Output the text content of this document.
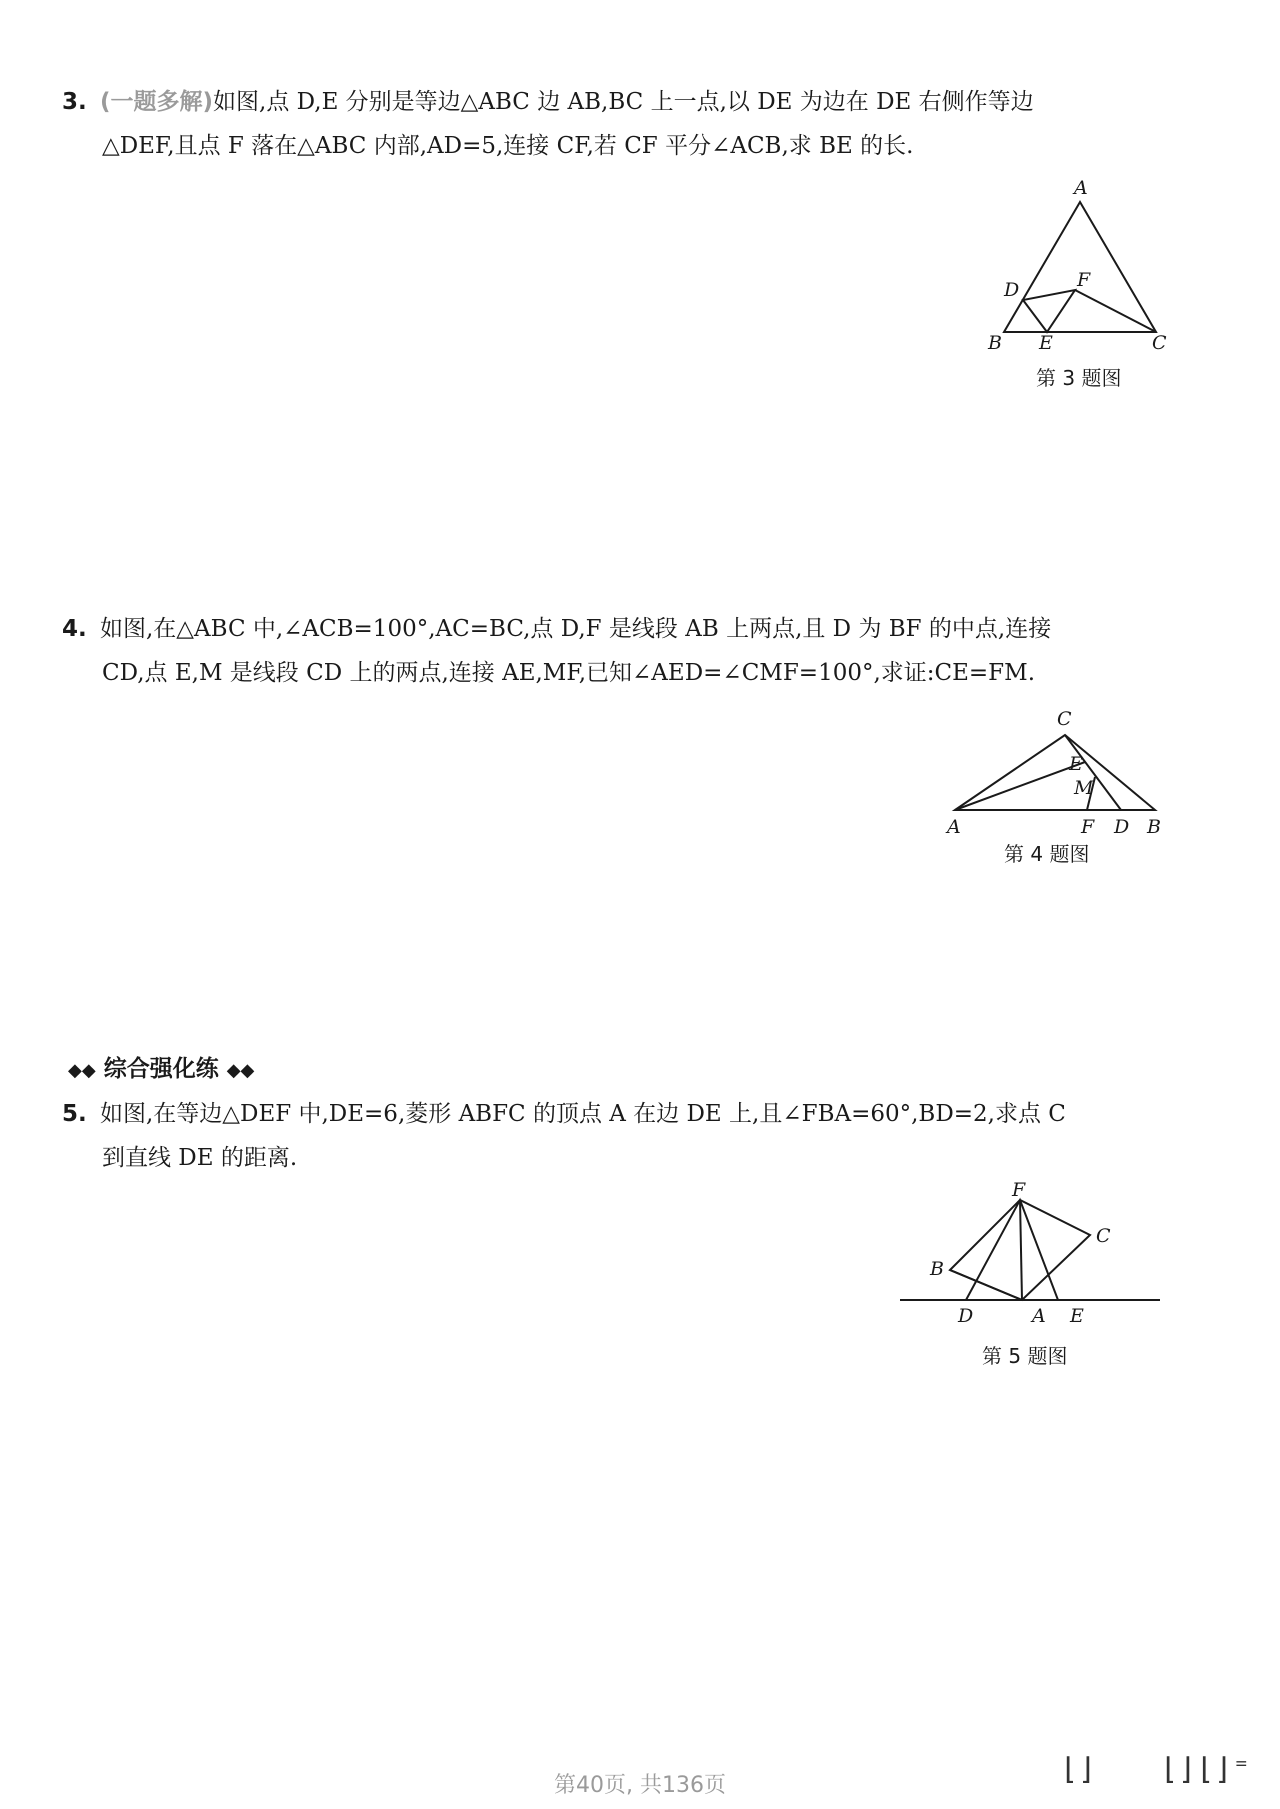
3. (一题多解)如图,点 D,E 分别是等边△ABC 边 AB,BC 上一点,以 DE 为边在 DE 右侧作等边
△DEF,且点 F 落在△ABC 内部,AD=5,连接 CF,若 CF 平分∠ACB,求 BE 的长.
A
B	C
D
E
F
第 3 题图
4. 如图,在△ABC 中,∠ACB=100°,AC=BC,点 D,F 是线段 AB 上两点,且 D 为 BF 的中点,连接
CD,点 E,M 是线段 CD 上的两点,连接 AE,MF,已知∠AED=∠CMF=100°,求证:CE=FM.
C
E
M
A	F D B
第 4 题图
◆◆ 综合强化练 ◆◆
5. 如图,在等边△DEF 中,DE=6,菱形 ABFC 的顶点 A 在边 DE 上,且∠FBA=60°,BD=2,求点 C
到直线 DE 的距离.
F
C
B
D	A E
第 5 题图
第40页, 共136页	⌊⌋ ⌊⌋⌊⌋⁼
